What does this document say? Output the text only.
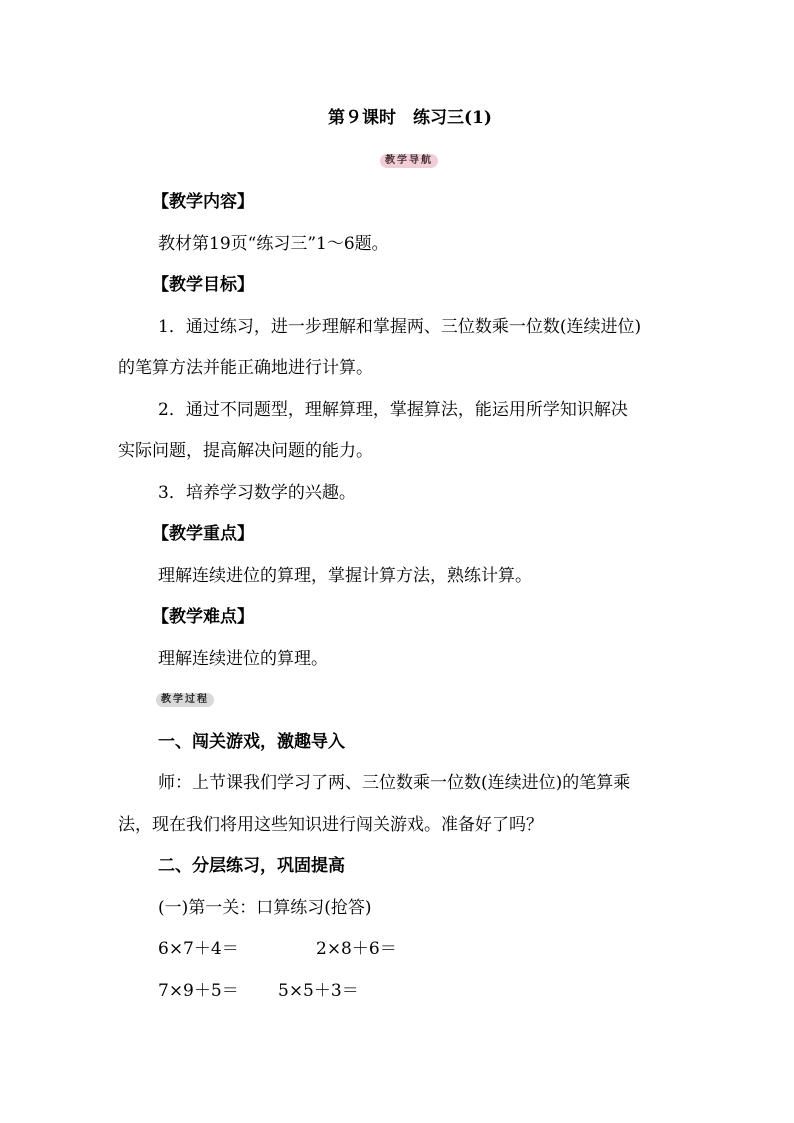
第９课时　练习三(1)
教学导航
【教学内容】
教材第19页“练习三”1～6题。
【教学目标】
1．通过练习，进一步理解和掌握两、三位数乘一位数(连续进位)
的笔算方法并能正确地进行计算。
2．通过不同题型，理解算理，掌握算法，能运用所学知识解决
实际问题，提高解决问题的能力。
3．培养学习数学的兴趣。
【教学重点】
理解连续进位的算理，掌握计算方法，熟练计算。
【教学难点】
理解连续进位的算理。
教学过程
一、闯关游戏，激趣导入
师：上节课我们学习了两、三位数乘一位数(连续进位)的笔算乘
法，现在我们将用这些知识进行闯关游戏。准备好了吗？
二、分层练习，巩固提高
(一)第一关：口算练习(抢答)
6×7＋4＝	2×8＋6＝
7×9＋5＝ 5×5＋3＝
